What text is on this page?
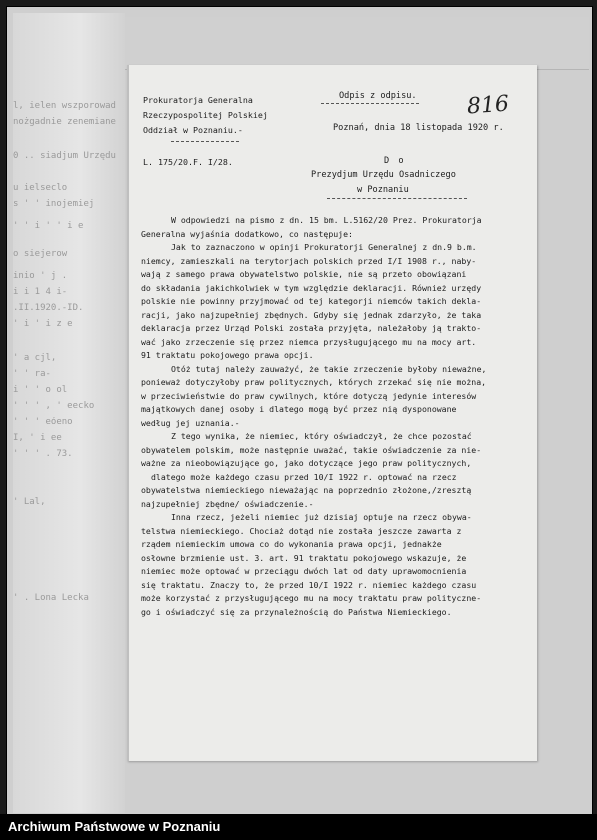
l, ielen wszporowad
nożgadnie zenemiane
0 .. siadjum Urzędu
u ielseclo
s ' ' inojemiej
' ' i ' ' i e
o siejerow
inio ' j .
i i 1 4 i-
.II.1920.-ID.
' i ' i z e
' a cjl,
' ' ra-
i ' ' o ol
' ' ' , ' eecko
' ' ' eóeno
I, ' i ee
' ' ' . 73.
' Lal,
' . Lona Lecka
Prokuratorja Generalna
Rzeczypospolitej Polskiej
Oddział w Poznaniu.-
L. 175/20.F. I/28.
Odpis z odpisu.
Poznań, dnia 18 listopada 1920 r.
816
D o
Prezydjum Urzędu Osadniczego
w Poznaniu

W odpowiedzi na pismo z dn. 15 bm. L.5162/20 Prez. Prokuratorja

Generalna wyjaśnia dodatkowo, co następuje:

Jak to zaznaczono w opinji Prokuratorji Generalnej z dn.9 b.m.

niemcy, zamieszkali na terytorjach polskich przed I/I 1908 r., naby-

wają z samego prawa obywatelstwo polskie, nie są przeto obowiązani

do składania jakichkolwiek w tym względzie deklaracji. Również urzędy

polskie nie powinny przyjmować od tej kategorji niemców takich dekla-

racji, jako najzupełniej zbędnych. Gdyby się jednak zdarzyło, że taka

deklaracja przez Urząd Polski została przyjęta, należałoby ją trakto-

wać jako zrzeczenie się przez niemca przysługującego mu na mocy art.

91 traktatu pokojowego prawa opcji.

Otóż tutaj należy zauważyć, że takie zrzeczenie byłoby nieważne,

ponieważ dotyczyłoby praw politycznych, których zrzekać się nie można,

w przeciwieństwie do praw cywilnych, które dotyczą jedynie interesów

majątkowych danej osoby i dlatego mogą być przez nią dysponowane

według jej uznania.-

Z tego wynika, że niemiec, który oświadczył, że chce pozostać

obywatelem polskim, może następnie uważać, takie oświadczenie za nie-

ważne za nieobowiązujące go, jako dotyczące jego praw politycznych,

dlatego może każdego czasu przed 10/I 1922 r. optować na rzecz

obywatelstwa niemieckiego nieważając na poprzednio złożone,/zresztą

najzupełniej zbędne/ oświadczenie.-

Inna rzecz, jeżeli niemiec już dzisiaj optuje na rzecz obywa-

telstwa niemieckiego. Chociaż dotąd nie została jeszcze zawarta z

rządem niemieckim umowa co do wykonania prawa opcji, jednakże

osłowne brzmienie ust. 3. art. 91 traktatu pokojowego wskazuje, że

niemiec może optować w przeciągu dwóch lat od daty uprawomocnienia

się traktatu. Znaczy to, że przed 10/I 1922 r. niemiec każdego czasu

może korzystać z przysługującego mu na mocy traktatu praw polityczne-

go i oświadczyć się za przynależnością do Państwa Niemieckiego.

Archiwum Państwowe w Poznaniu
